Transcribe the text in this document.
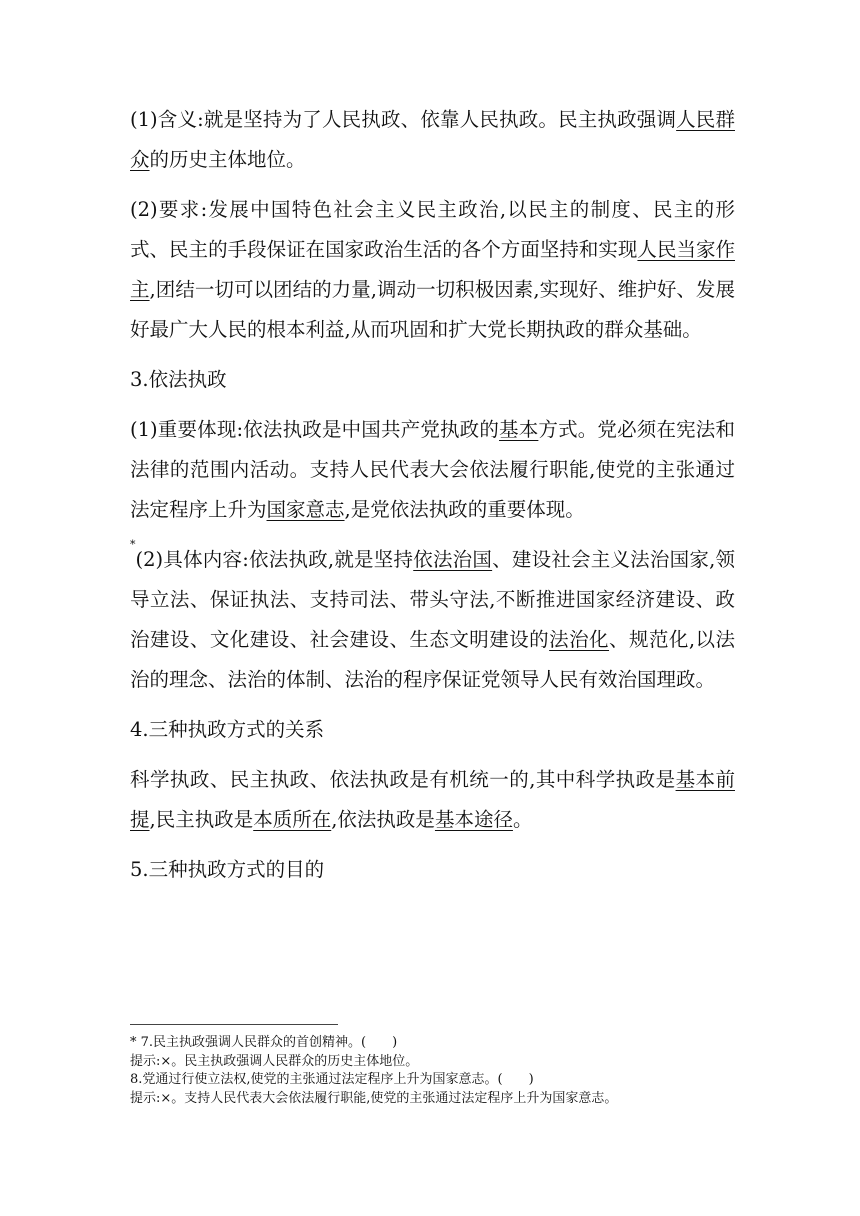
(1)含义:就是坚持为了人民执政、依靠人民执政。民主执政强调人民群众的历史主体地位。

(2)要求:发展中国特色社会主义民主政治,以民主的制度、民主的形式、民主的手段保证在国家政治生活的各个方面坚持和实现人民当家作主,团结一切可以团结的力量,调动一切积极因素,实现好、维护好、发展好最广大人民的根本利益,从而巩固和扩大党长期执政的群众基础。

3.依法执政

(1)重要体现:依法执政是中国共产党执政的基本方式。党必须在宪法和法律的范围内活动。支持人民代表大会依法履行职能,使党的主张通过法定程序上升为国家意志,是党依法执政的重要体现。

*(2)具体内容:依法执政,就是坚持依法治国、建设社会主义法治国家,领导立法、保证执法、支持司法、带头守法,不断推进国家经济建设、政治建设、文化建设、社会建设、生态文明建设的法治化、规范化,以法治的理念、法治的体制、法治的程序保证党领导人民有效治国理政。

4.三种执政方式的关系

科学执政、民主执政、依法执政是有机统一的,其中科学执政是基本前提,民主执政是本质所在,依法执政是基本途径。

5.三种执政方式的目的

* 7.民主执政强调人民群众的首创精神。(　　)

提示:×。民主执政强调人民群众的历史主体地位。

8.党通过行使立法权,使党的主张通过法定程序上升为国家意志。(　　)

提示:×。支持人民代表大会依法履行职能,使党的主张通过法定程序上升为国家意志。
